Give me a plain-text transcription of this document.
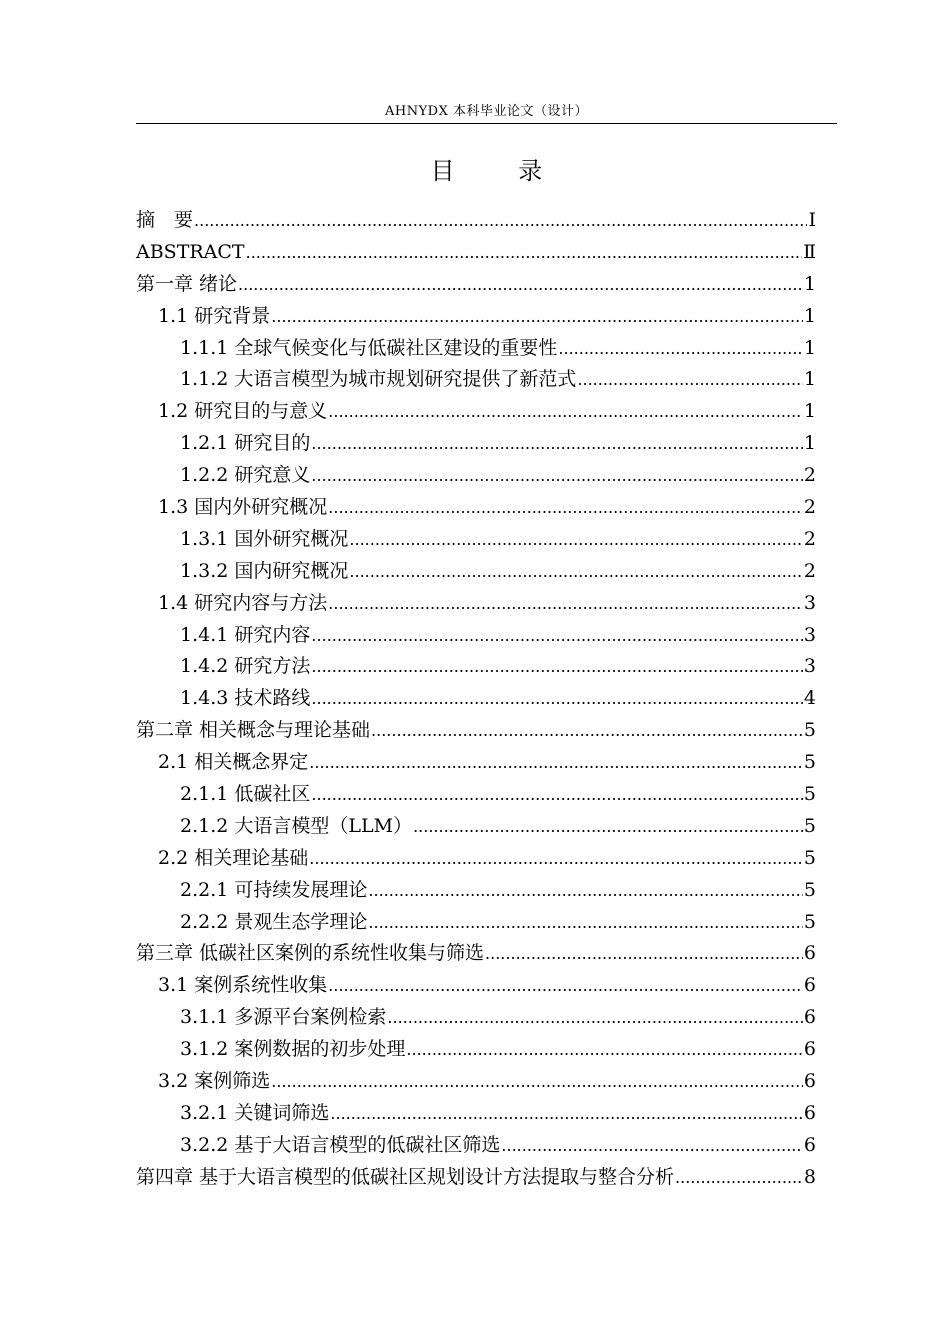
AHNYDX 本科毕业论文（设计）
目 录
摘　要 .....	Ⅰ
ABSTRACT .....	Ⅱ
第一章 绪论 .....	1
1.1 研究背景 .....	1
1.1.1 全球气候变化与低碳社区建设的重要性 .....	1
1.1.2 大语言模型为城市规划研究提供了新范式 .....	1
1.2 研究目的与意义 .....	1
1.2.1 研究目的 .....	1
1.2.2 研究意义 .....	2
1.3 国内外研究概况 .....	2
1.3.1 国外研究概况 .....	2
1.3.2 国内研究概况 .....	2
1.4 研究内容与方法 .....	3
1.4.1 研究内容 .....	3
1.4.2 研究方法 .....	3
1.4.3 技术路线 .....	4
第二章 相关概念与理论基础 .....	5
2.1 相关概念界定 .....	5
2.1.1 低碳社区 .....	5
2.1.2 大语言模型（LLM） .....	5
2.2 相关理论基础 .....	5
2.2.1 可持续发展理论 .....	5
2.2.2 景观生态学理论 .....	5
第三章 低碳社区案例的系统性收集与筛选 .....	6
3.1 案例系统性收集 .....	6
3.1.1 多源平台案例检索 .....	6
3.1.2 案例数据的初步处理 .....	6
3.2 案例筛选 .....	6
3.2.1 关键词筛选 .....	6
3.2.2 基于大语言模型的低碳社区筛选 .....	6
第四章 基于大语言模型的低碳社区规划设计方法提取与整合分析 .....	8
